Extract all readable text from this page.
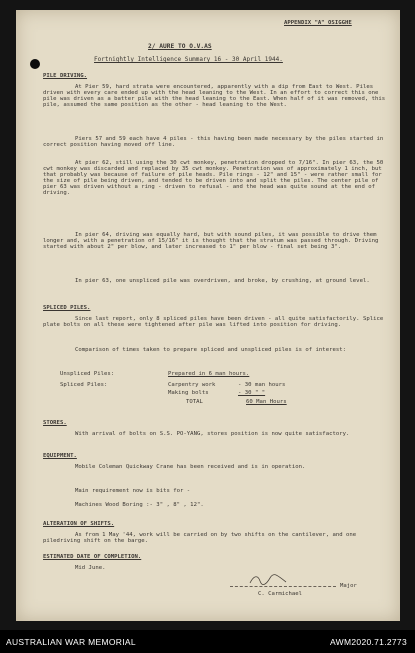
APPENDIX "A" OSIGGHE
2/ AURE TO O.V.AS
Fortnightly Intelligence Summary 16 - 30 April 1944.
PILE DRIVING.
At Pier 59, hard strata were encountered, apparently with a dip from East to West. Piles driven with every care ended up with the head leaning to the West. In an effort to correct this one pile was driven as a batter pile with the head leaning to the East. When half of it was removed, this pile, assumed the same position as the other - head leaning to the West.
Piers 57 and 59 each have 4 piles - this having been made necessary by the piles started in correct position having moved off line.
At pier 62, still using the 30 cwt monkey, penetration dropped to 7/16". In pier 63, the 50 cwt monkey was discarded and replaced by 35 cwt monkey. Penetration was of approximately 1 inch, but that probably was because of failure of pile heads. Pile rings - 12" and 15" - were rather small for the size of pile being driven, and tended to be driven into and split the piles. The center pile of pier 63 was driven without a ring - driven to refusal - and the head was quite sound at the end of driving.
In pier 64, driving was equally hard, but with sound piles, it was possible to drive them longer and, with a penetration of 15/16" it is thought that the stratum was passed through. Driving started with about 2" per blow, and later increased to 1" per blow - final set being 3".
In pier 63, one unspliced pile was overdriven, and broke, by crushing, at ground level.
SPLICED PILES.
Since last report, only 8 spliced piles have been driven - all quite satisfactorily. Splice plate bolts on all these were tightened after pile was lifted into position for driving.
Comparison of times taken to prepare spliced and unspliced piles is of interest:
Unspliced Piles:	Prepared in 6 man hours.
Spliced Piles:	Carpentry work	- 30 man hours
Making bolts	- 30 " "
TOTAL	60 Man Hours
STORES.
With arrival of bolts on S.S. PO-YANG, stores position is now quite satisfactory.
EQUIPMENT.
Mobile Coleman Quickway Crane has been received and is in operation.
Main requirement now is bits for -
Machines Wood Boring :- 3" , 8" , 12".
ALTERATION OF SHIFTS.
As from 1 May '44, work will be carried on by two shifts on the cantilever, and one piledriving shift on the barge.
ESTIMATED DATE OF COMPLETION.
Mid June.
Major
C. Carmichael
AUSTRALIAN WAR MEMORIAL	AWM2020.71.2773
